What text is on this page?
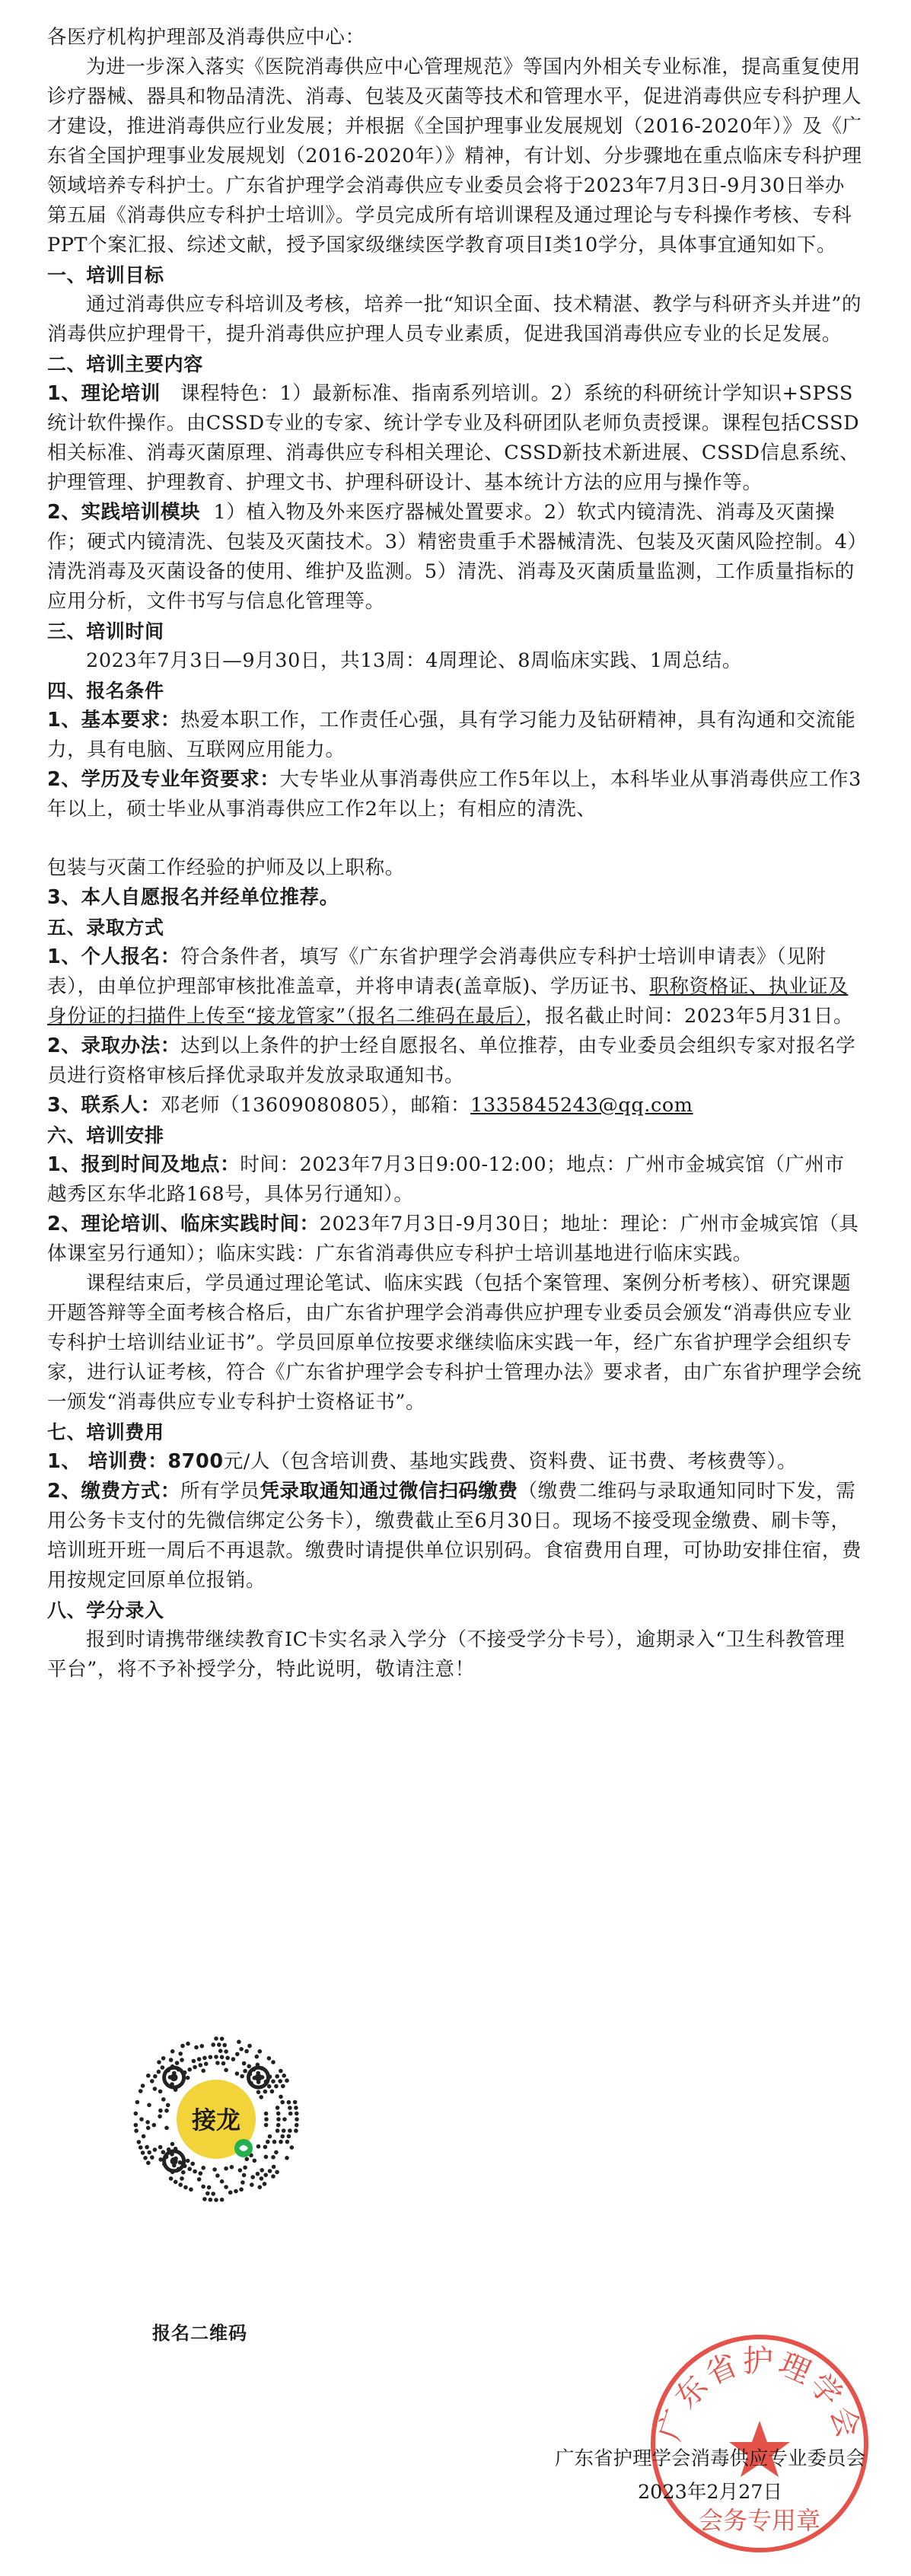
各医疗机构护理部及消毒供应中心：

为进一步深入落实《医院消毒供应中心管理规范》等国内外相关专业标准，提高重复使用诊疗器械、器具和物品清洗、消毒、包装及灭菌等技术和管理水平，促进消毒供应专科护理人才建设，推进消毒供应行业发展；并根据《全国护理事业发展规划（2016-2020年）》及《广东省全国护理事业发展规划（2016-2020年）》精神，有计划、分步骤地在重点临床专科护理领域培养专科护士。广东省护理学会消毒供应专业委员会将于2023年7月3日-9月30日举办第五届《消毒供应专科护士培训》。学员完成所有培训课程及通过理论与专科操作考核、专科PPT个案汇报、综述文献，授予国家级继续医学教育项目Ⅰ类10学分，具体事宜通知如下。

一、培训目标

通过消毒供应专科培训及考核，培养一批“知识全面、技术精湛、教学与科研齐头并进”的消毒供应护理骨干，提升消毒供应护理人员专业素质，促进我国消毒供应专业的长足发展。

二、培训主要内容

1、理论培训 课程特色：1）最新标准、指南系列培训。2）系统的科研统计学知识+SPSS统计软件操作。由CSSD专业的专家、统计学专业及科研团队老师负责授课。课程包括CSSD相关标准、消毒灭菌原理、消毒供应专科相关理论、CSSD新技术新进展、CSSD信息系统、护理管理、护理教育、护理文书、护理科研设计、基本统计方法的应用与操作等。

2、实践培训模块 1）植入物及外来医疗器械处置要求。2）软式内镜清洗、消毒及灭菌操作；硬式内镜清洗、包装及灭菌技术。3）精密贵重手术器械清洗、包装及灭菌风险控制。4）清洗消毒及灭菌设备的使用、维护及监测。5）清洗、消毒及灭菌质量监测，工作质量指标的应用分析，文件书写与信息化管理等。

三、培训时间

2023年7月3日—9月30日，共13周：4周理论、8周临床实践、1周总结。

四、报名条件

1、基本要求：热爱本职工作，工作责任心强，具有学习能力及钻研精神，具有沟通和交流能力，具有电脑、互联网应用能力。

2、学历及专业年资要求：大专毕业从事消毒供应工作5年以上，本科毕业从事消毒供应工作3年以上，硕士毕业从事消毒供应工作2年以上；有相应的清洗、

包装与灭菌工作经验的护师及以上职称。

3、本人自愿报名并经单位推荐。

五、录取方式

1、个人报名：符合条件者，填写《广东省护理学会消毒供应专科护士培训申请表》（见附表），由单位护理部审核批准盖章，并将申请表(盖章版)、学历证书、职称资格证、执业证及身份证的扫描件上传至“接龙管家”（报名二维码在最后），报名截止时间：2023年5月31日。

2、录取办法：达到以上条件的护士经自愿报名、单位推荐，由专业委员会组织专家对报名学员进行资格审核后择优录取并发放录取通知书。

3、联系人：邓老师（13609080805），邮箱：1335845243@qq.com

六、培训安排

1、报到时间及地点：时间：2023年7月3日9:00-12:00；地点：广州市金城宾馆（广州市越秀区东华北路168号，具体另行通知）。

2、理论培训、临床实践时间：2023年7月3日-9月30日；地址：理论：广州市金城宾馆（具体课室另行通知）；临床实践：广东省消毒供应专科护士培训基地进行临床实践。

课程结束后，学员通过理论笔试、临床实践（包括个案管理、案例分析考核）、研究课题开题答辩等全面考核合格后，由广东省护理学会消毒供应护理专业委员会颁发“消毒供应专业专科护士培训结业证书”。学员回原单位按要求继续临床实践一年，经广东省护理学会组织专家，进行认证考核，符合《广东省护理学会专科护士管理办法》要求者，由广东省护理学会统一颁发“消毒供应专业专科护士资格证书”。

七、培训费用

1、 培训费：8700元/人（包含培训费、基地实践费、资料费、证书费、考核费等）。

2、缴费方式：所有学员凭录取通知通过微信扫码缴费（缴费二维码与录取通知同时下发，需用公务卡支付的先微信绑定公务卡），缴费截止至6月30日。现场不接受现金缴费、刷卡等，培训班开班一周后不再退款。缴费时请提供单位识别码。食宿费用自理，可协助安排住宿，费用按规定回原单位报销。

八、学分录入

报到时请携带继续教育IC卡实名录入学分（不接受学分卡号），逾期录入“卫生科教管理平台”，将不予补授学分，特此说明，敬请注意！

接龙
报名二维码
广东省护理学会
会务专用章
广东省护理学会消毒供应专业委员会
2023年2月27日
